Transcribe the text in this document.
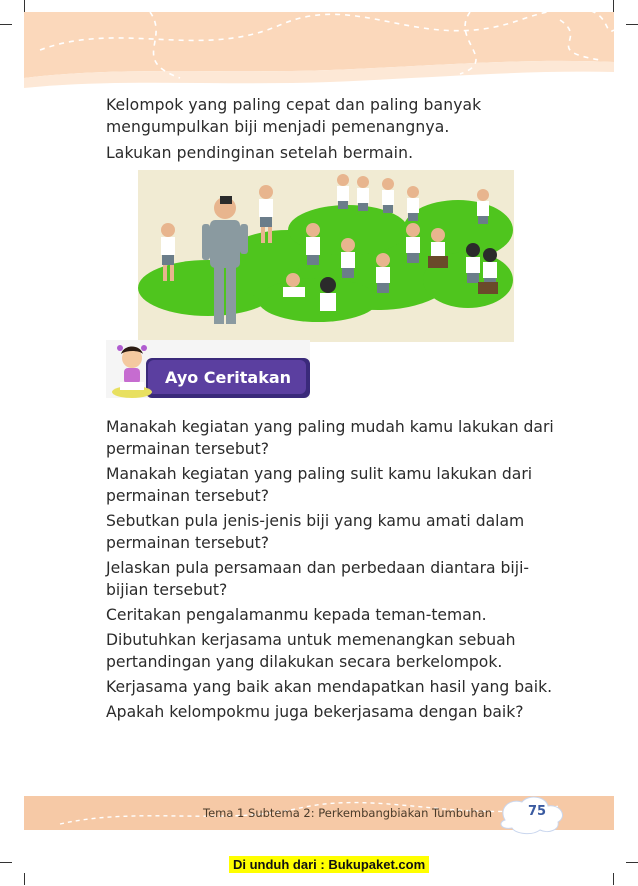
Kelompok yang paling cepat dan paling banyak mengumpulkan biji menjadi pemenangnya.

Lakukan pendinginan setelah bermain.

Ayo Ceritakan

Manakah kegiatan yang paling mudah kamu lakukan dari permainan tersebut?

Manakah kegiatan yang paling sulit kamu lakukan dari permainan tersebut?

Sebutkan pula jenis-jenis biji yang kamu amati dalam permainan tersebut?

Jelaskan pula persamaan dan perbedaan diantara biji-bijian tersebut?

Ceritakan pengalamanmu kepada teman-teman.

Dibutuhkan kerjasama untuk memenangkan sebuah pertandingan yang dilakukan secara berkelompok.

Kerjasama yang baik akan mendapatkan hasil yang baik.

Apakah kelompokmu juga bekerjasama dengan baik?

Tema 1 Subtema 2: Perkembangbiakan Tumbuhan	75
Di unduh dari : Bukupaket.com
